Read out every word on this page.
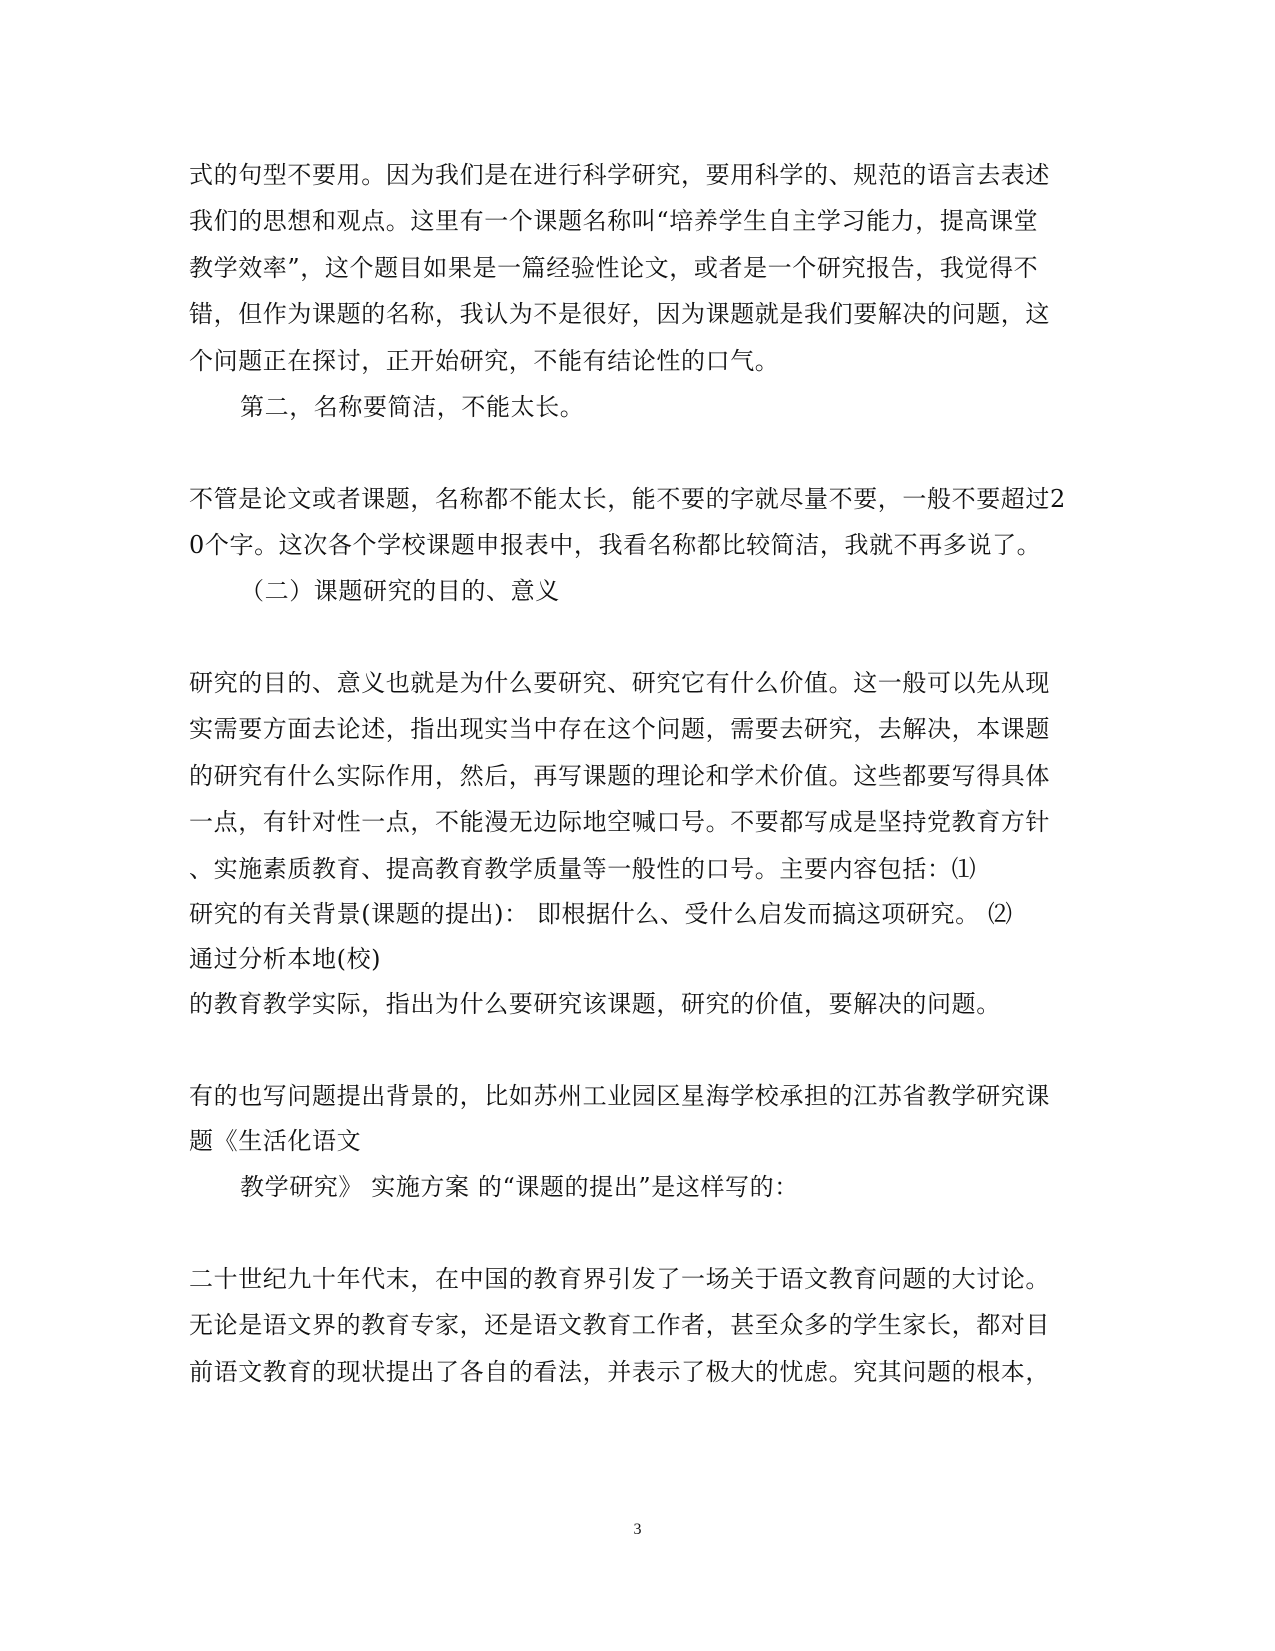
式的句型不要用。因为我们是在进行科学研究，要用科学的、规范的语言去表述
我们的思想和观点。这里有一个课题名称叫“培养学生自主学习能力，提高课堂
教学效率”，这个题目如果是一篇经验性论文，或者是一个研究报告，我觉得不
错，但作为课题的名称，我认为不是很好，因为课题就是我们要解决的问题，这
个问题正在探讨，正开始研究，不能有结论性的口气。
第二，名称要简洁，不能太长。
不管是论文或者课题，名称都不能太长，能不要的字就尽量不要，一般不要超过2
0个字。这次各个学校课题申报表中，我看名称都比较简洁，我就不再多说了。
（二）课题研究的目的、意义
研究的目的、意义也就是为什么要研究、研究它有什么价值。这一般可以先从现
实需要方面去论述，指出现实当中存在这个问题，需要去研究，去解决，本课题
的研究有什么实际作用，然后，再写课题的理论和学术价值。这些都要写得具体
一点，有针对性一点，不能漫无边际地空喊口号。不要都写成是坚持党教育方针
、实施素质教育、提高教育教学质量等一般性的口号。主要内容包括：⑴
研究的有关背景(课题的提出)： 即根据什么、受什么启发而搞这项研究。 ⑵
通过分析本地(校)
的教育教学实际，指出为什么要研究该课题，研究的价值，要解决的问题。
有的也写问题提出背景的，比如苏州工业园区星海学校承担的江苏省教学研究课
题《生活化语文
教学研究》 实施方案 的“课题的提出”是这样写的：
二十世纪九十年代末，在中国的教育界引发了一场关于语文教育问题的大讨论。
无论是语文界的教育专家，还是语文教育工作者，甚至众多的学生家长，都对目
前语文教育的现状提出了各自的看法，并表示了极大的忧虑。究其问题的根本，
3
